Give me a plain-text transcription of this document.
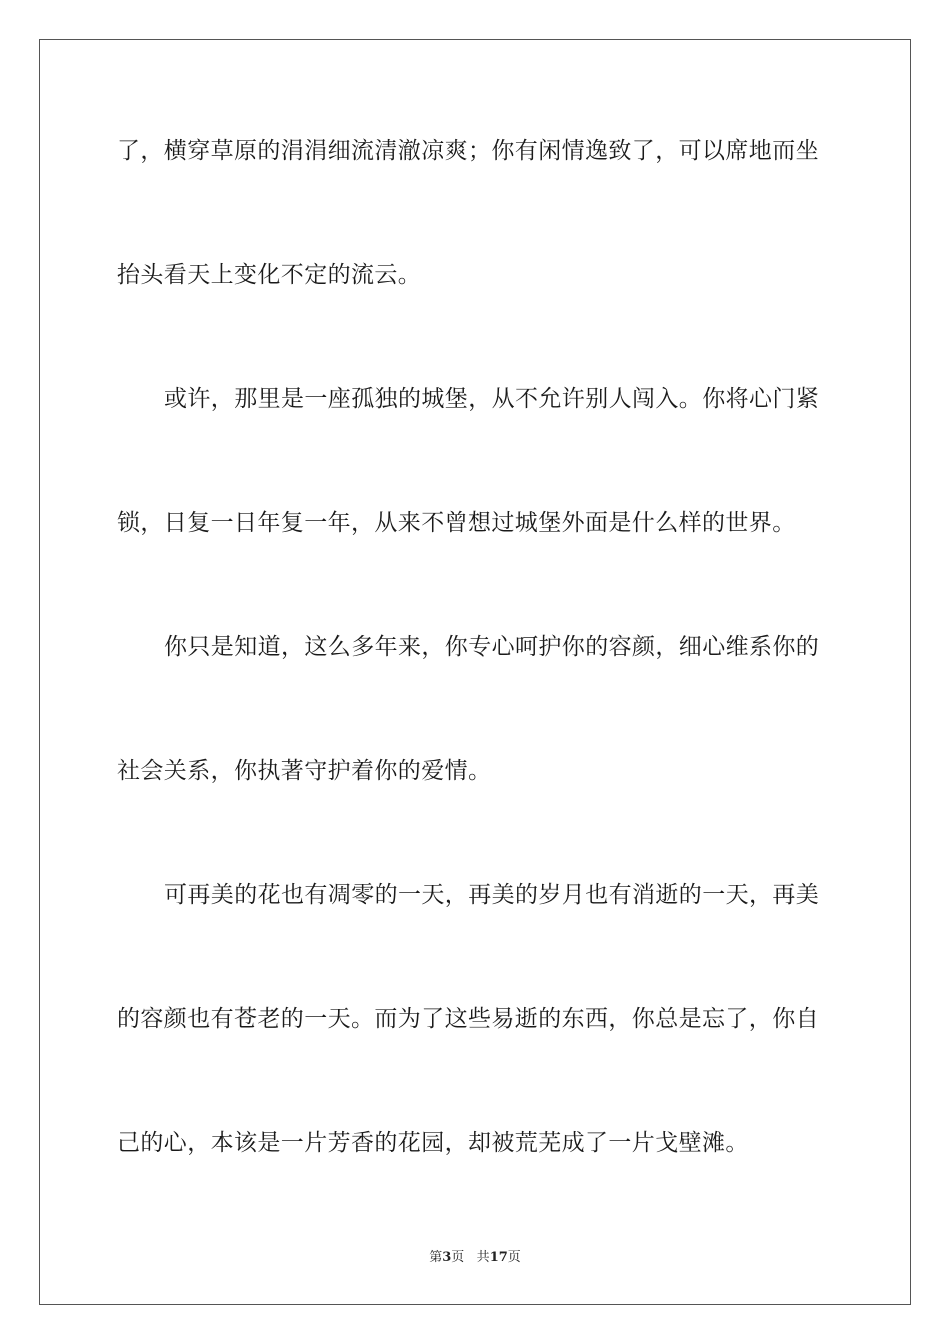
了，横穿草原的涓涓细流清澈凉爽；你有闲情逸致了，可以席地而坐
抬头看天上变化不定的流云。
或许，那里是一座孤独的城堡，从不允许别人闯入。你将心门紧
锁，日复一日年复一年，从来不曾想过城堡外面是什么样的世界。
你只是知道，这么多年来，你专心呵护你的容颜，细心维系你的
社会关系，你执著守护着你的爱情。
可再美的花也有凋零的一天，再美的岁月也有消逝的一天，再美
的容颜也有苍老的一天。而为了这些易逝的东西，你总是忘了，你自
己的心，本该是一片芳香的花园，却被荒芜成了一片戈壁滩。
第3页 共17页
